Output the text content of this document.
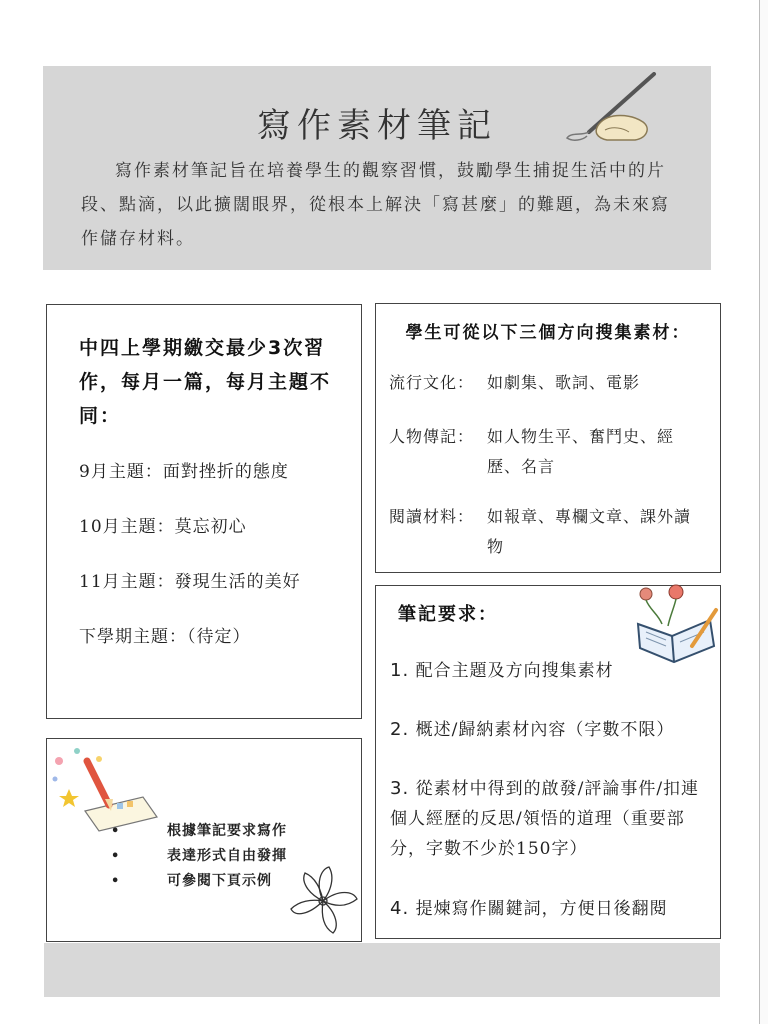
寫作素材筆記
寫作素材筆記旨在培養學生的觀察習慣，鼓勵學生捕捉生活中的片段、點滴，以此擴闊眼界，從根本上解決「寫甚麼」的難題，為未來寫作儲存材料。
中四上學期繳交最少3次習作，每月一篇，每月主題不同：
9月主題：面對挫折的態度
10月主題：莫忘初心
11月主題：發現生活的美好
下學期主題：（待定）
學生可從以下三個方向搜集素材：
流行文化： 如劇集、歌詞、電影
人物傳記： 如人物生平、奮鬥史、經歷、名言
閱讀材料： 如報章、專欄文章、課外讀物
筆記要求：
1. 配合主題及方向搜集素材
2. 概述/歸納素材內容（字數不限）
3. 從素材中得到的啟發/評論事件/扣連個人經歷的反思/領悟的道理（重要部分，字數不少於150字）
4. 提煉寫作關鍵詞，方便日後翻閱
•	根據筆記要求寫作
•	表達形式自由發揮
•	可參閱下頁示例
